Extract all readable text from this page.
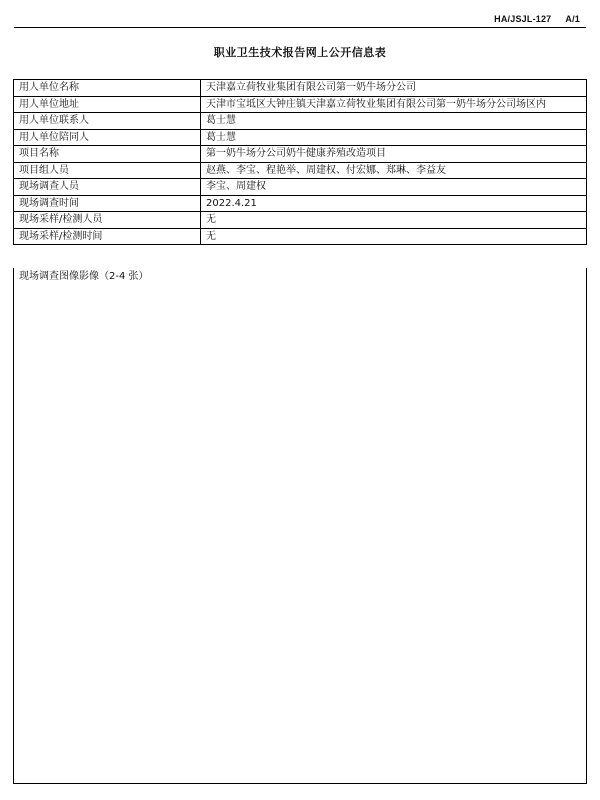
HA/JSJL-127 A/1
职业卫生技术报告网上公开信息表
用人单位名称	天津嘉立荷牧业集团有限公司第一奶牛场分公司
用人单位地址	天津市宝坻区大钟庄镇天津嘉立荷牧业集团有限公司第一奶牛场分公司场区内
用人单位联系人	葛士慧
用人单位陪同人	葛士慧
项目名称	第一奶牛场分公司奶牛健康养殖改造项目
项目组人员	赵燕、李宝、程艳举、周建权、付宏娜、郑琳、李益友
现场调查人员	李宝、周建权
现场调查时间	2022.4.21
现场采样/检测人员	无
现场采样/检测时间	无
现场调查图像影像（2-4 张）
